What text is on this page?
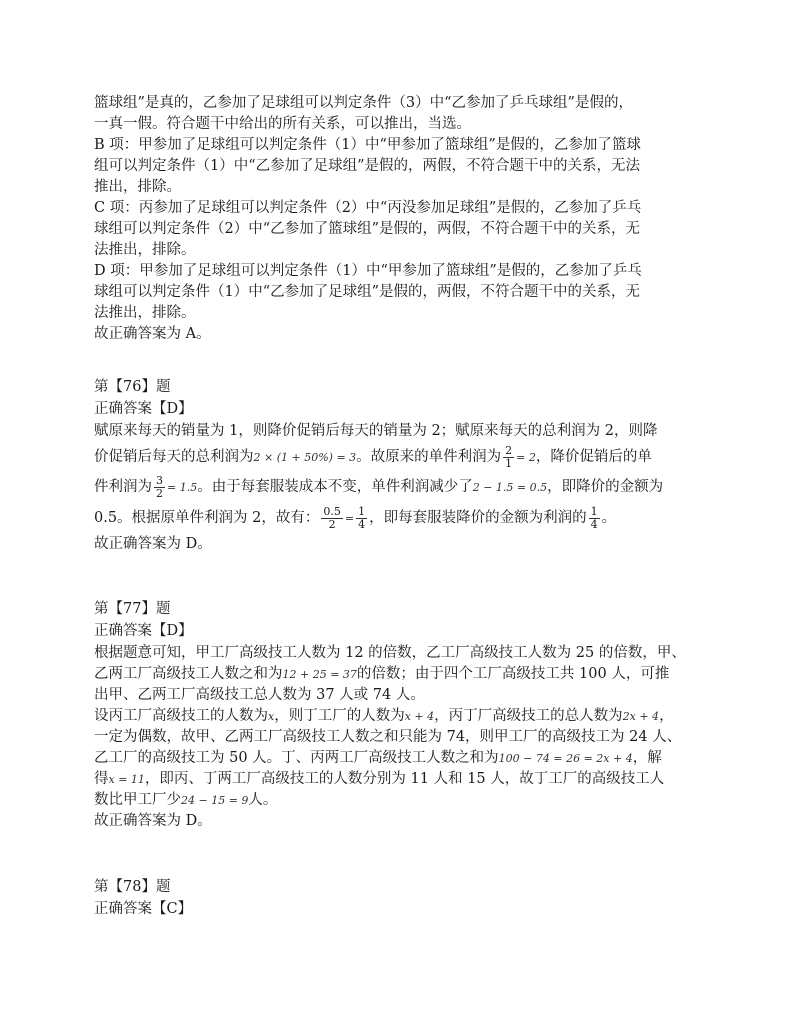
篮球组”是真的，乙参加了足球组可以判定条件（3）中“乙参加了乒乓球组”是假的，
一真一假。符合题干中给出的所有关系，可以推出，当选。
B 项：甲参加了足球组可以判定条件（1）中“甲参加了篮球组”是假的，乙参加了篮球
组可以判定条件（1）中“乙参加了足球组”是假的，两假，不符合题干中的关系，无法
推出，排除。
C 项：丙参加了足球组可以判定条件（2）中“丙没参加足球组”是假的，乙参加了乒乓
球组可以判定条件（2）中“乙参加了篮球组”是假的，两假，不符合题干中的关系，无
法推出，排除。
D 项：甲参加了足球组可以判定条件（1）中“甲参加了篮球组”是假的，乙参加了乒乓
球组可以判定条件（1）中“乙参加了足球组”是假的，两假，不符合题干中的关系，无
法推出，排除。
故正确答案为 A。

第【76】题

正确答案【D】

赋原来每天的销量为 1，则降价促销后每天的销量为 2；赋原来每天的总利润为 2，则降
价促销后每天的总利润为2 × (1 + 50%) = 3。故原来的单件利润为 $\frac{2}{1} = 2$，降价促销后的单
件利润为 $\frac{3}{2} = 1.5$。由于每套服装成本不变，单件利润减少了2 − 1.5 = 0.5，即降价的金额为
0.5。根据原单件利润为 2，故有： $\frac{0.5}{2} = \frac{1}{4}$ ，即每套服装降价的金额为利润的 $\frac{1}{4}$ 。
故正确答案为 D。

第【77】题

正确答案【D】

根据题意可知，甲工厂高级技工人数为 12 的倍数，乙工厂高级技工人数为 25 的倍数，甲、
乙两工厂高级技工人数之和为12 + 25 = 37的倍数；由于四个工厂高级技工共 100 人，可推
出甲、乙两工厂高级技工总人数为 37 人或 74 人。
设丙工厂高级技工的人数为x，则丁工厂的人数为x + 4，丙丁厂高级技工的总人数为2x + 4，
一定为偶数，故甲、乙两工厂高级技工人数之和只能为 74，则甲工厂的高级技工为 24 人、
乙工厂的高级技工为 50 人。丁、丙两工厂高级技工人数之和为100 − 74 = 26 = 2x + 4，解
得x = 11，即丙、丁两工厂高级技工的人数分别为 11 人和 15 人，故丁工厂的高级技工人
数比甲工厂少24 − 15 = 9人。
故正确答案为 D。

第【78】题

正确答案【C】
